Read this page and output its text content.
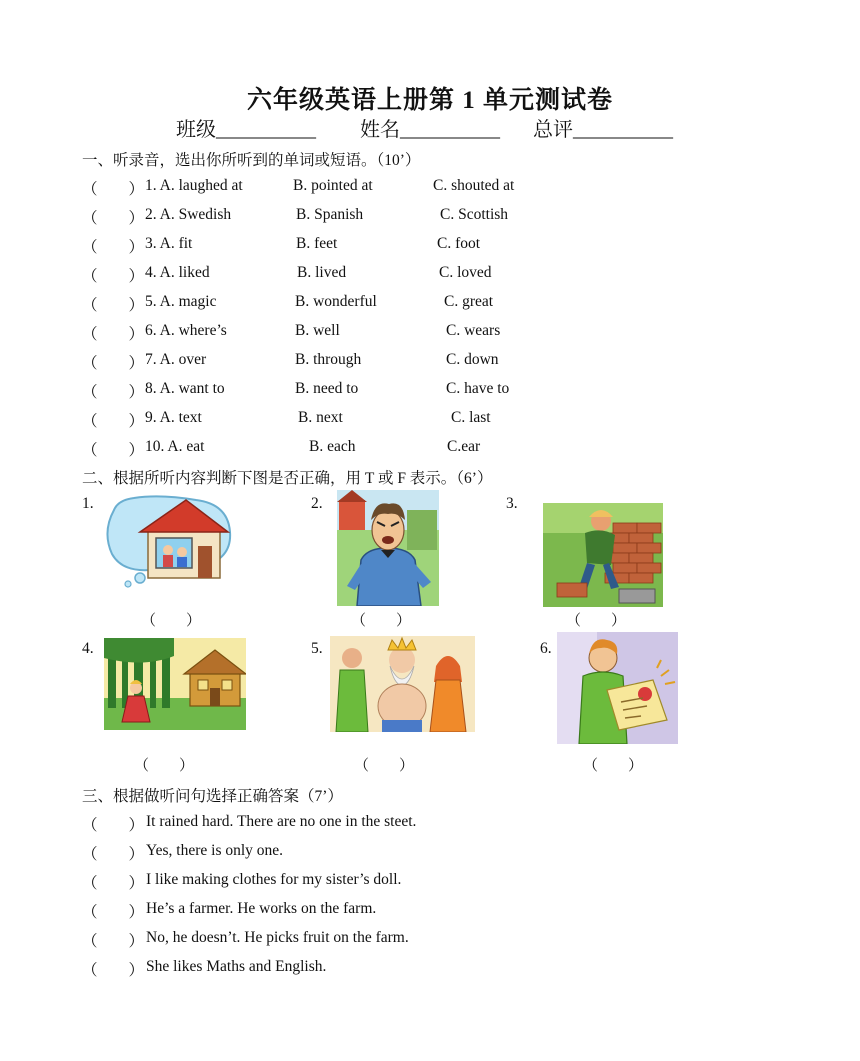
六年级英语上册第 1 单元测试卷
班级__________ 姓名__________ 总评__________
一、听录音，选出你所听到的单词或短语。（10’）
（　　） 1. A. laughed at	B. pointed at	C. shouted at
（　　） 2. A. Swedish	B. Spanish	C. Scottish
（　　） 3. A. fit	B. feet	C. foot
（　　） 4. A. liked	B. lived	C. loved
（　　） 5. A. magic	B. wonderful	C. great
（　　） 6. A. where’s	B. well	C. wears
（　　） 7. A. over	B. through	C. down
（　　） 8. A. want to	B. need to	C. have to
（　　） 9. A. text	B. next	C. last
（　　） 10. A. eat	B. each	C.ear
二、根据所听内容判断下图是否正确，用 T 或 F 表示。（6’）
1.	2.	3.
4.	5.	6.
（　　）	（　　）	（　　）
（　　）	（　　）	（　　）
三、根据做听问句选择正确答案（7’）
（　　） It rained hard. There are no one in the steet.
（　　） Yes, there is only one.
（　　） I like making clothes for my sister’s doll.
（　　） He’s a farmer. He works on the farm.
（　　） No, he doesn’t. He picks fruit on the farm.
（　　） She likes Maths and English.
